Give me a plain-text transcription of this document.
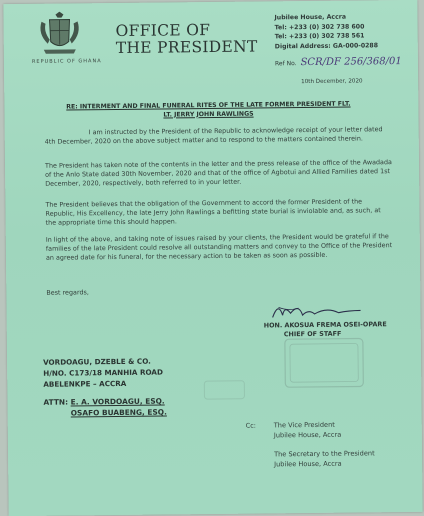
REPUBLIC OF GHANA
OFFICE OF
THE PRESIDENT
Jubilee House, Accra
Tel: +233 (0) 302 738 600
Tel: +233 (0) 302 738 561
Digital Address: GA-000-0288
Ref No. SCR/DF 256/368/01
10th December, 2020
RE: INTERMENT AND FINAL FUNERAL RITES OF THE LATE FORMER PRESIDENT FLT.
LT. JERRY JOHN RAWLINGS
I am instructed by the President of the Republic to acknowledge receipt of your letter dated 4th December, 2020 on the above subject matter and to respond to the matters contained therein.
The President has taken note of the contents in the letter and the press release of the office of the Awadada of the Anlo State dated 30th November, 2020 and that of the office of Agbotui and Allied Families dated 1st December, 2020, respectively, both referred to in your letter.
The President believes that the obligation of the Government to accord the former President of the Republic, His Excellency, the late Jerry John Rawlings a befitting state burial is inviolable and, as such, at the appropriate time this should happen.
In light of the above, and taking note of issues raised by your clients, the President would be grateful if the families of the late President could resolve all outstanding matters and convey to the Office of the President an agreed date for his funeral, for the necessary action to be taken as soon as possible.
Best regards,
HON. AKOSUA FREMA OSEI-OPARE
CHIEF OF STAFF
VORDOAGU, DZEBLE & CO.
H/NO. C173/18 MANHIA ROAD
ABELENKPE – ACCRA
ATTN: E. A. VORDOAGU, ESQ.
OSAFO BUABENG, ESQ.
Cc:	The Vice President
Jubilee House, Accra
The Secretary to the President
Jubilee House, Accra
